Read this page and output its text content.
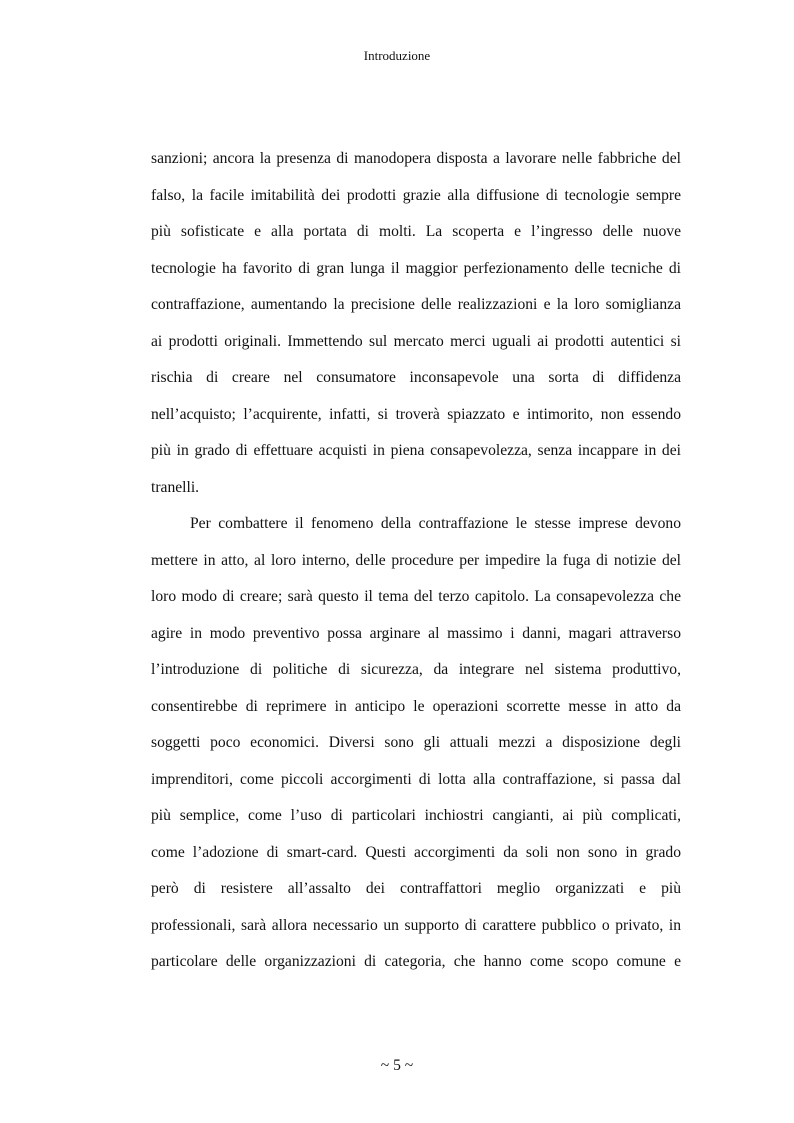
Introduzione
sanzioni; ancora la presenza di manodopera disposta a lavorare nelle fabbriche del
falso, la facile imitabilità dei prodotti grazie alla diffusione di tecnologie sempre
più sofisticate e alla portata di molti. La scoperta e l’ingresso delle nuove
tecnologie ha favorito di gran lunga il maggior perfezionamento delle tecniche di
contraffazione, aumentando la precisione delle realizzazioni e la loro somiglianza
ai prodotti originali. Immettendo sul mercato merci uguali ai prodotti autentici si
rischia di creare nel consumatore inconsapevole una sorta di diffidenza
nell’acquisto; l’acquirente, infatti, si troverà spiazzato e intimorito, non essendo
più in grado di effettuare acquisti in piena consapevolezza, senza incappare in dei
tranelli.
Per combattere il fenomeno della contraffazione le stesse imprese devono
mettere in atto, al loro interno, delle procedure per impedire la fuga di notizie del
loro modo di creare; sarà questo il tema del terzo capitolo. La consapevolezza che
agire in modo preventivo possa arginare al massimo i danni, magari attraverso
l’introduzione di politiche di sicurezza, da integrare nel sistema produttivo,
consentirebbe di reprimere in anticipo le operazioni scorrette messe in atto da
soggetti poco economici. Diversi sono gli attuali mezzi a disposizione degli
imprenditori, come piccoli accorgimenti di lotta alla contraffazione, si passa dal
più semplice, come l’uso di particolari inchiostri cangianti, ai più complicati,
come l’adozione di smart-card. Questi accorgimenti da soli non sono in grado
però di resistere all’assalto dei contraffattori meglio organizzati e più
professionali, sarà allora necessario un supporto di carattere pubblico o privato, in
particolare delle organizzazioni di categoria, che hanno come scopo comune e
~ 5 ~
